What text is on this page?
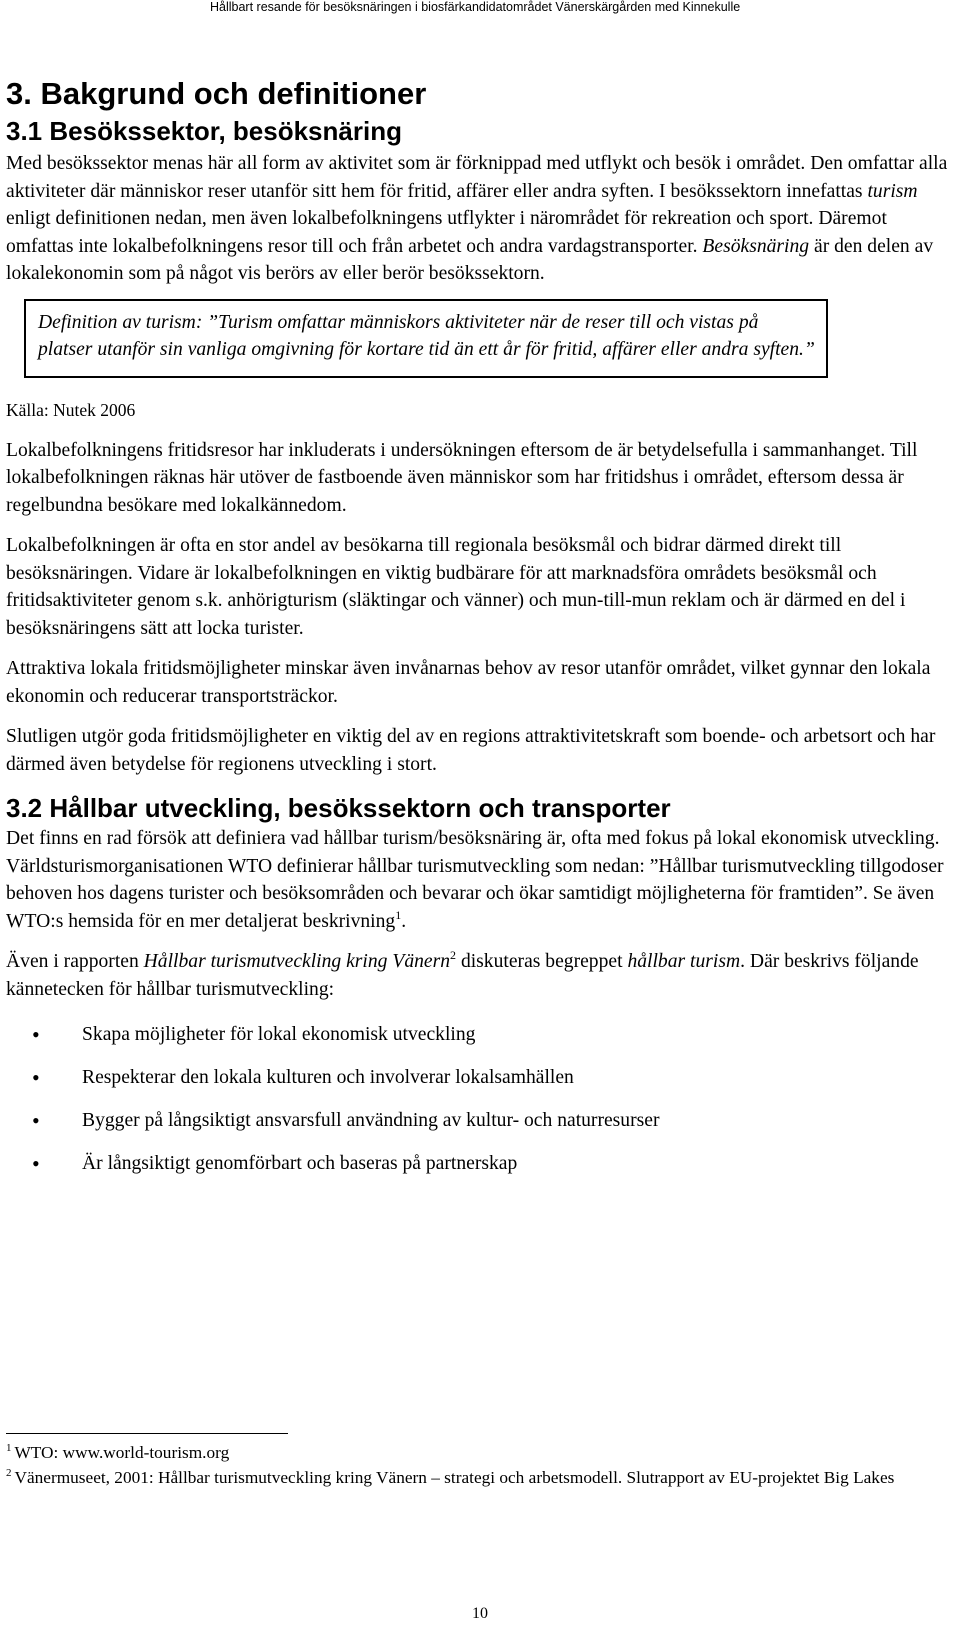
Hållbart resande för besöksnäringen i biosfärkandidatområdet Vänerskärgården med Kinnekulle
3. Bakgrund och definitioner
3.1 Besökssektor, besöksnäring

Med besökssektor menas här all form av aktivitet som är förknippad med utflykt och besök i området. Den omfattar alla aktiviteter där människor reser utanför sitt hem för fritid, affärer eller andra syften. I besökssektorn innefattas turism enligt definitionen nedan, men även lokalbefolkningens utflykter i närområdet för rekreation och sport. Däremot omfattas inte lokalbefolkningens resor till och från arbetet och andra vardagstransporter. Besöksnäring är den delen av lokalekonomin som på något vis berörs av eller berör besökssektorn.

Definition av turism: ”Turism omfattar människors aktiviteter när de reser till och vistas på platser utanför sin vanliga omgivning för kortare tid än ett år för fritid, affärer eller andra syften.”

Källa: Nutek 2006

Lokalbefolkningens fritidsresor har inkluderats i undersökningen eftersom de är betydelsefulla i sammanhanget. Till lokalbefolkningen räknas här utöver de fastboende även människor som har fritidshus i området, eftersom dessa är regelbundna besökare med lokalkännedom.

Lokalbefolkningen är ofta en stor andel av besökarna till regionala besöksmål och bidrar därmed direkt till besöksnäringen. Vidare är lokalbefolkningen en viktig budbärare för att marknadsföra områdets besöksmål och fritidsaktiviteter genom s.k. anhörigturism (släktingar och vänner) och mun-till-mun reklam och är därmed en del i besöksnäringens sätt att locka turister.

Attraktiva lokala fritidsmöjligheter minskar även invånarnas behov av resor utanför området, vilket gynnar den lokala ekonomin och reducerar transportsträckor.

Slutligen utgör goda fritidsmöjligheter en viktig del av en regions attraktivitetskraft som boende- och arbetsort och har därmed även betydelse för regionens utveckling i stort.

3.2 Hållbar utveckling, besökssektorn och transporter

Det finns en rad försök att definiera vad hållbar turism/besöksnäring är, ofta med fokus på lokal ekonomisk utveckling. Världsturismorganisationen WTO definierar hållbar turismutveckling som nedan: ”Hållbar turismutveckling tillgodoser behoven hos dagens turister och besöksområden och bevarar och ökar samtidigt möjligheterna för framtiden”. Se även WTO:s hemsida för en mer detaljerat beskrivning$^1$.

Även i rapporten Hållbar turismutveckling kring Vänern$^2$ diskuteras begreppet hållbar turism. Där beskrivs följande kännetecken för hållbar turismutveckling:

• Skapa möjligheter för lokal ekonomisk utveckling
• Respekterar den lokala kulturen och involverar lokalsamhällen
• Bygger på långsiktigt ansvarsfull användning av kultur- och naturresurser
• Är långsiktigt genomförbart och baseras på partnerskap

$^1$ WTO: www.world-tourism.org

$^2$ Vänermuseet, 2001: Hållbar turismutveckling kring Vänern – strategi och arbetsmodell. Slutrapport av EU-projektet Big Lakes

10
